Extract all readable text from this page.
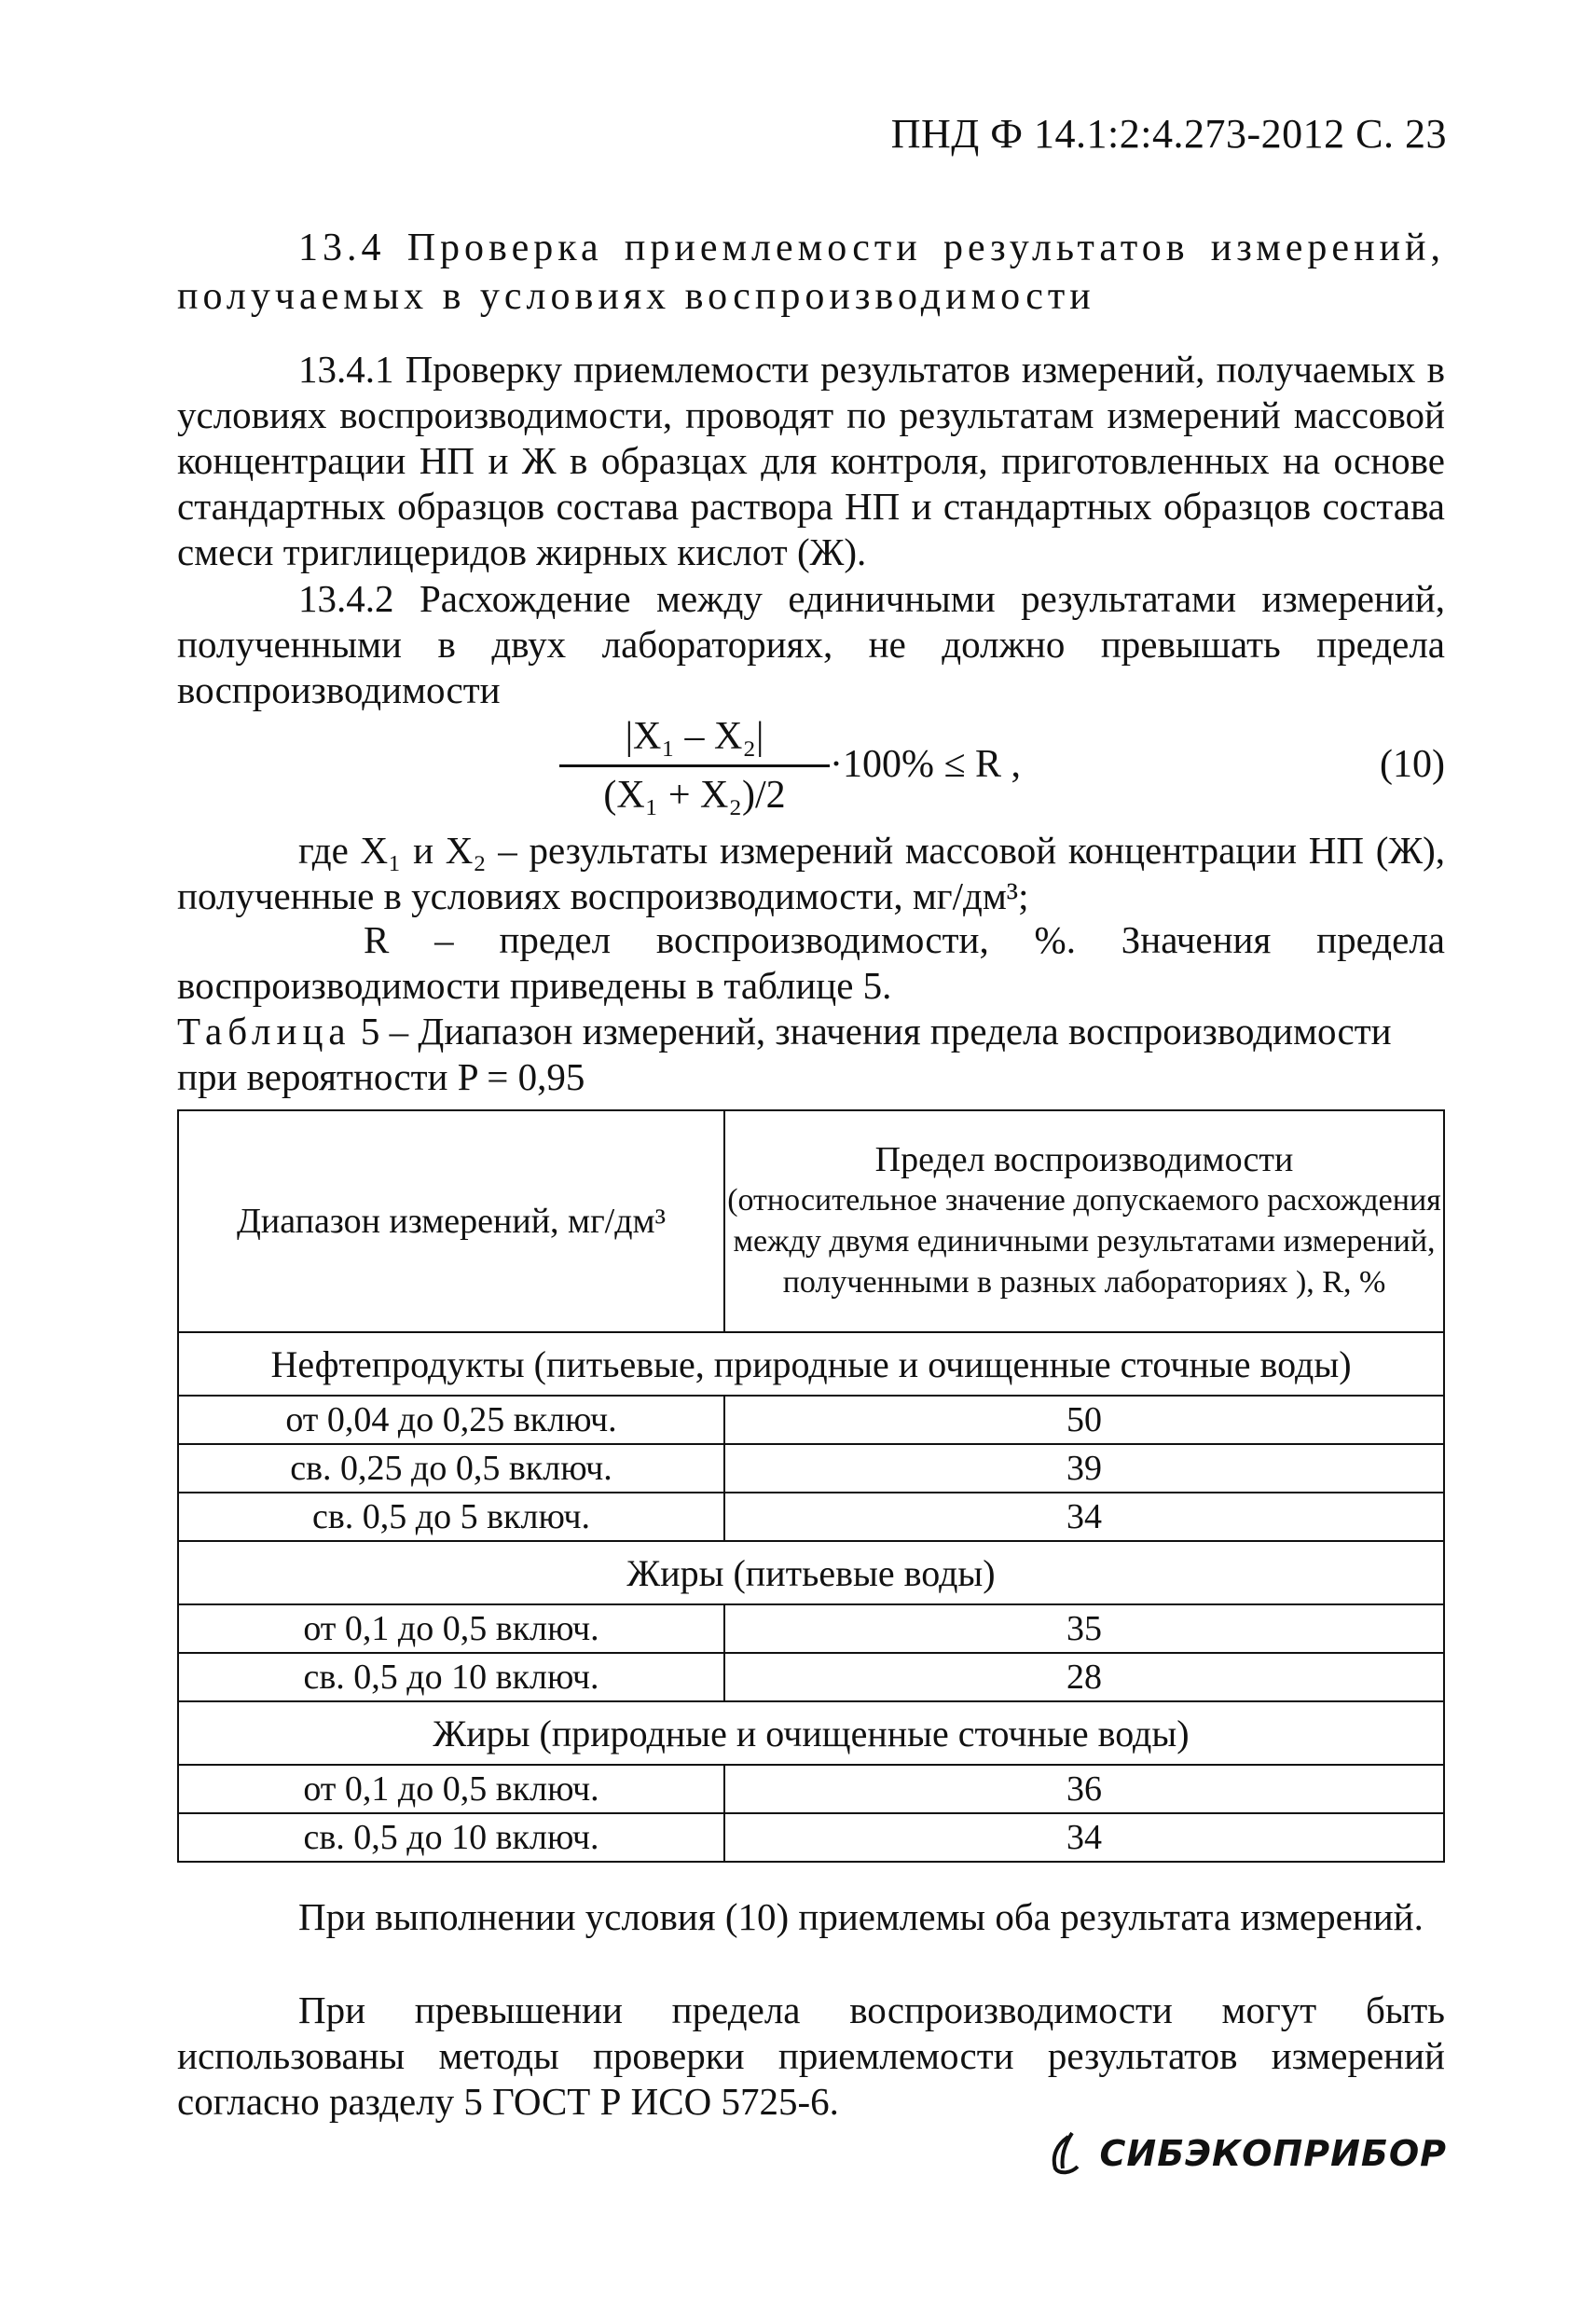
ПНД Ф 14.1:2:4.273-2012 С. 23
13.4 Проверка приемлемости результатов измерений,
получаемых в условиях воспроизводимости
13.4.1 Проверку приемлемости результатов измерений, получаемых в условиях воспроизводимости, проводят по результатам измерений массовой концентрации НП и Ж в образцах для контроля, приготовленных на основе стандартных образцов состава раствора НП и стандартных образцов состава смеси триглицеридов жирных кислот (Ж).
13.4.2 Расхождение между единичными результатами измерений, полученными в двух лабораториях, не должно превышать предела воспроизводимости
|X₁ – X₂|
(X₁ + X₂)/2
·100% ≤ R ,	(10)
где X₁ и X₂ – результаты измерений массовой концентрации НП (Ж), полученные в условиях воспроизводимости, мг/дм³;
R – предел воспроизводимости, %. Значения предела воспроизводимости приведены в таблице 5.
Таблица 5 – Диапазон измерений, значения предела воспроизводимости при вероятности P = 0,95
Диапазон измерений, мг/дм³	Предел воспроизводимости
(относительное значение допускаемого расхождения между двумя единичными результатами измерений, полученными в разных лабораториях ), R, %

Нефтепродукты (питьевые, природные и очищенные сточные воды)	
от 0,04 до 0,25 включ.	50
св. 0,25 до 0,5 включ.	39
св. 0,5 до 5 включ.	34
Жиры (питьевые воды)	
от 0,1 до 0,5 включ.	35
св. 0,5 до 10 включ.	28
Жиры (природные и очищенные сточные воды)	
от 0,1 до 0,5 включ.	36
св. 0,5 до 10 включ.	34
При выполнении условия (10) приемлемы оба результата измерений.
При превышении предела воспроизводимости могут быть использованы методы проверки приемлемости результатов измерений согласно разделу 5 ГОСТ Р ИСО 5725-6.
СИБЭКОПРИБОР
